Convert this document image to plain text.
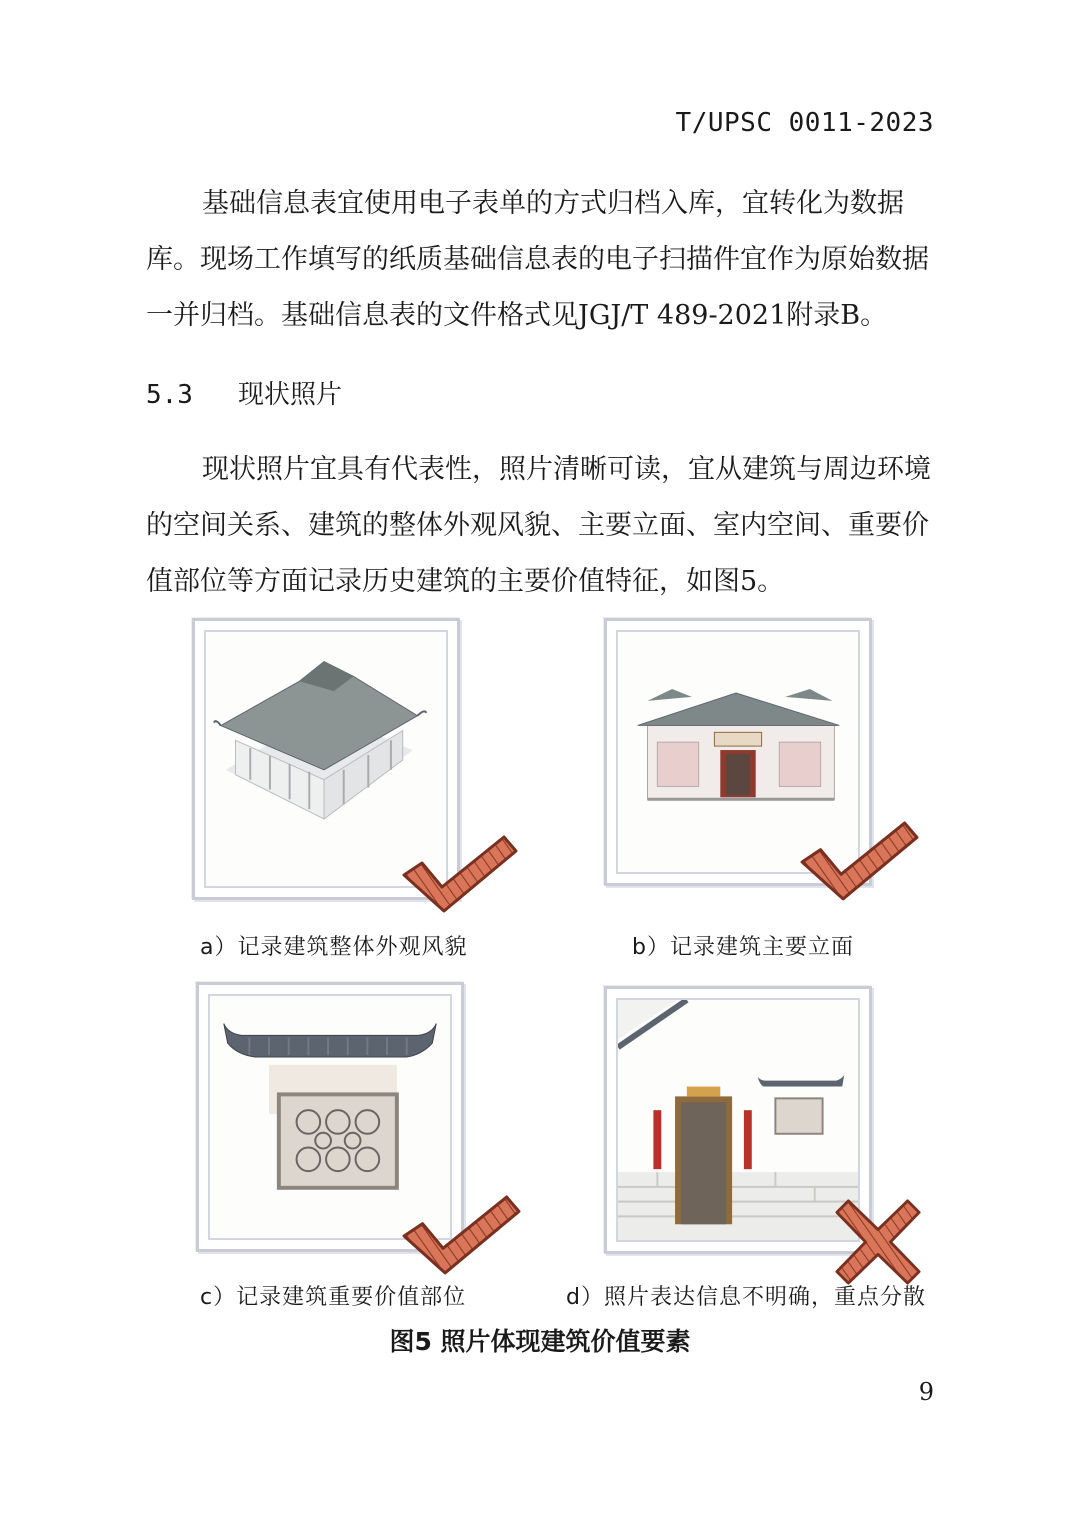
T/UPSC 0011-2023

基础信息表宜使用电子表单的方式归档入库，宜转化为数据库。现场工作填写的纸质基础信息表的电子扫描件宜作为原始数据一并归档。基础信息表的文件格式见JGJ/T 489-2021附录B。

5.3 现状照片

现状照片宜具有代表性，照片清晰可读，宜从建筑与周边环境的空间关系、建筑的整体外观风貌、主要立面、室内空间、重要价值部位等方面记录历史建筑的主要价值特征，如图5。

a）记录建筑整体外观风貌	b）记录建筑主要立面
c）记录建筑重要价值部位	d）照片表达信息不明确，重点分散
图5 照片体现建筑价值要素
9
